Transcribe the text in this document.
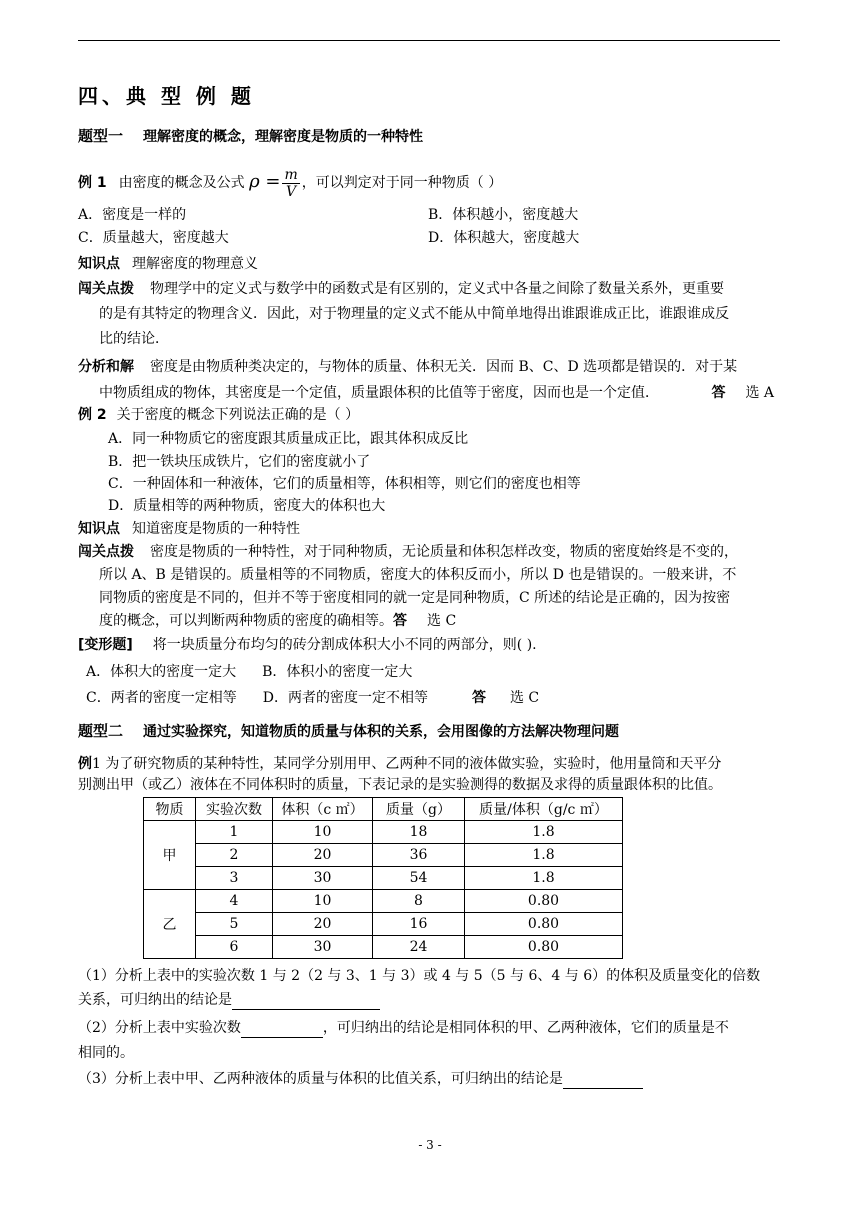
四、典 型 例 题
题型一 理解密度的概念，理解密度是物质的一种特性
例 1 由密度的概念及公式 $\rho = \frac{m}{V}$ ，可以判定对于同一种物质（ ）
A．密度是一样的	B．体积越小，密度越大
C．质量越大，密度越大	D．体积越大，密度越大
知识点 理解密度的物理意义
闯关点拨 物理学中的定义式与数学中的函数式是有区别的，定义式中各量之间除了数量关系外，更重要
的是有其特定的物理含义．因此，对于物理量的定义式不能从中简单地得出谁跟谁成正比，谁跟谁成反
比的结论．
分析和解 密度是由物质种类决定的，与物体的质量、体积无关．因而 B、C、D 选项都是错误的．对于某
中物质组成的物体，其密度是一个定值，质量跟体积的比值等于密度，因而也是一个定值．	答 选 A
例 2 关于密度的概念下列说法正确的是（ ）
A．同一种物质它的密度跟其质量成正比，跟其体积成反比
B．把一铁块压成铁片，它们的密度就小了
C．一种固体和一种液体，它们的质量相等，体积相等，则它们的密度也相等
D．质量相等的两种物质，密度大的体积也大
知识点 知道密度是物质的一种特性
闯关点拨 密度是物质的一种特性，对于同种物质，无论质量和体积怎样改变，物质的密度始终是不变的，
所以 A、B 是错误的。质量相等的不同物质，密度大的体积反而小，所以 D 也是错误的。一般来讲，不
同物质的密度是不同的，但并不等于密度相同的就一定是同种物质，C 所述的结论是正确的，因为按密
度的概念，可以判断两种物质的密度的确相等。答 选 C
[变形题] 将一块质量分布均匀的砖分割成体积大小不同的两部分，则( ).
A．体积大的密度一定大 B．体积小的密度一定大
C．两者的密度一定相等 D．两者的密度一定不相等	答 选 C
题型二 通过实验探究，知道物质的质量与体积的关系，会用图像的方法解决物理问题
例1 为了研究物质的某种特性，某同学分别用甲、乙两种不同的液体做实验，实验时，他用量筒和天平分
别测出甲（或乙）液体在不同体积时的质量，下表记录的是实验测得的数据及求得的质量跟体积的比值。
物质	实验次数	体积（c ㎡）	质量（g）	质量/体积（g/c ㎡）
甲	1	10	18	1.8
	2	20	36	1.8
	3	30	54	1.8
乙	4	10	8	0.80
	5	20	16	0.80
	6	30	24	0.80
（1）分析上表中的实验次数 1 与 2（2 与 3、1 与 3）或 4 与 5（5 与 6、4 与 6）的体积及质量变化的倍数
关系，可归纳出的结论是
（2）分析上表中实验次数	，可归纳出的结论是相同体积的甲、乙两种液体，它们的质量是不
相同的。
（3）分析上表中甲、乙两种液体的质量与体积的比值关系，可归纳出的结论是
- 3 -
